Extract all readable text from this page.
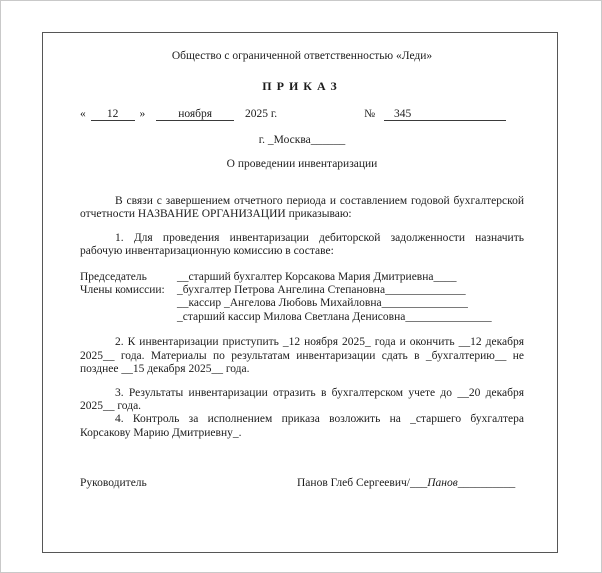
Общество с ограниченной ответственностью «Леди»
ПРИКАЗ
« 12 »	ноября	2025 г.	№ 345
г. _Москва______
О проведении инвентаризации

В связи с завершением отчетного периода и составлением годовой бухгалтерской отчетности НАЗВАНИЕ ОРГАНИЗАЦИИ приказываю:

1. Для проведения инвентаризации дебиторской задолженности назначить рабочую инвентаризационную комиссию в составе:

Председатель	__старший бухгалтер Корсакова Мария Дмитриевна____
Члены комиссии:	_бухгалтер Петрова Ангелина Степановна______________
__кассир _Ангелова Любовь Михайловна_______________
_старший кассир Милова Светлана Денисовна_______________

2. К инвентаризации приступить _12 ноября 2025_ года и окончить __12 декабря 2025__ года. Материалы по результатам инвентаризации сдать в _бухгалтерию__ не позднее __15 декабря 2025__ года.

3. Результаты инвентаризации отразить в бухгалтерском учете до __20 декабря 2025__ года.

4. Контроль за исполнением приказа возложить на _старшего бухгалтера Корсакову Марию Дмитриевну_.

Руководитель	Панов Глеб Сергеевич/___Панов__________
